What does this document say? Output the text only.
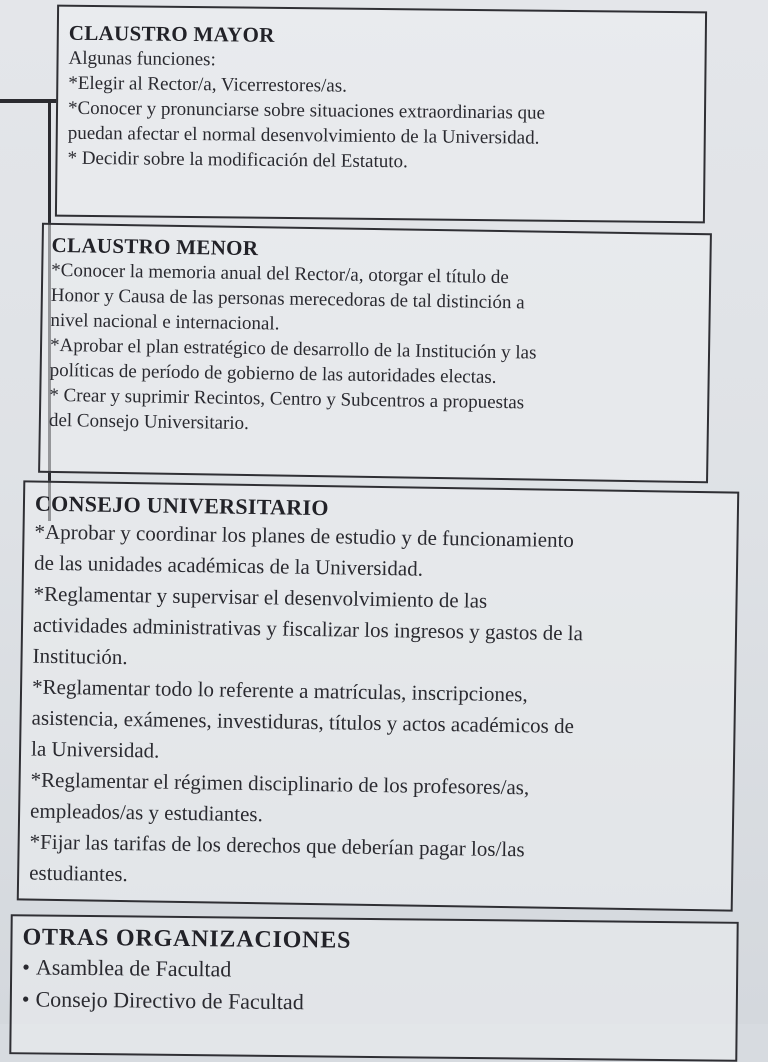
CLAUSTRO MAYOR

Algunas funciones:

*Elegir al Rector/a, Vicerrestores/as.

*Conocer y pronunciarse sobre situaciones extraordinarias que

puedan afectar el normal desenvolvimiento de la Universidad.

* Decidir sobre la modificación del Estatuto.

CLAUSTRO MENOR

*Conocer la memoria anual del Rector/a, otorgar el título de

Honor y Causa de las personas merecedoras de tal distinción a

nivel nacional e internacional.

*Aprobar el plan estratégico de desarrollo de la Institución y las

políticas de período de gobierno de las autoridades electas.

* Crear y suprimir Recintos, Centro y Subcentros a propuestas

del Consejo Universitario.

CONSEJO UNIVERSITARIO

*Aprobar y coordinar los planes de estudio y de funcionamiento

de las unidades académicas de la Universidad.

*Reglamentar y supervisar el desenvolvimiento de las

actividades administrativas y fiscalizar los ingresos y gastos de la

Institución.

*Reglamentar todo lo referente a matrículas, inscripciones,

asistencia, exámenes, investiduras, títulos y actos académicos de

la Universidad.

*Reglamentar el régimen disciplinario de los profesores/as,

empleados/as y estudiantes.

*Fijar las tarifas de los derechos que deberían pagar los/las

estudiantes.

OTRAS ORGANIZACIONES

• Asamblea de Facultad

• Consejo Directivo de Facultad
